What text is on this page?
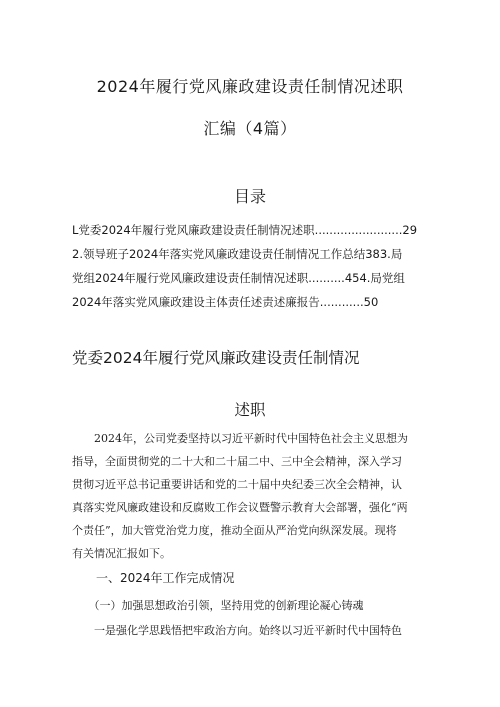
2024年履行党风廉政建设责任制情况述职
汇编（4篇）
目录
L党委2024年履行党风廉政建设责任制情况述职........................29
2.领导班子2024年落实党风廉政建设责任制情况工作总结383.局
党组2024年履行党风廉政建设责任制情况述职..........454.局党组
2024年落实党风廉政建设主体责任述责述廉报告............50
党委2024年履行党风廉政建设责任制情况
述职
　　2024年，公司党委坚持以习近平新时代中国特色社会主义思想为
指导，全面贯彻党的二十大和二十届二中、三中全会精神，深入学习
贯彻习近平总书记重要讲话和党的二十届中央纪委三次全会精神，认
真落实党风廉政建设和反腐败工作会议暨警示教育大会部署，强化“两
个责任”，加大管党治党力度，推动全面从严治党向纵深发展。现将
有关情况汇报如下。
一、2024年工作完成情况
　　（一）加强思想政治引领，坚持用党的创新理论凝心铸魂
　　一是强化学思践悟把牢政治方向。始终以习近平新时代中国特色
